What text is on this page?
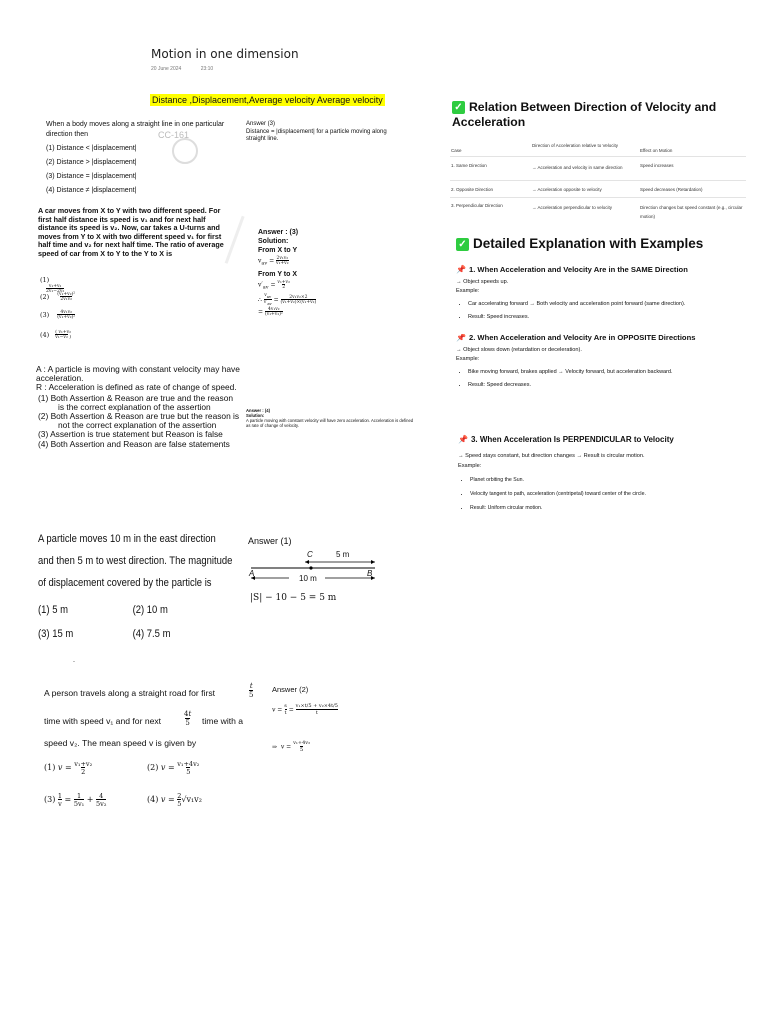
Motion in one dimension
20 June 2024	23:10
Distance ,Displacement,Average velocity Average velocity
When a body moves along a straight line in one particular direction then
(1) Distance < |displacement|
(2) Distance > |displacement|
(3) Distance = |displacement|
(4) Distance ≠ |displacement|
CC-161
Answer (3)
Distance = |displacement| for a particle moving along straight line.
A car moves from X to Y with two different speed. For first half distance its speed is v₁ and for next half distance its speed is v₂. Now, car takes a U-turns and moves from Y to X with two different speed v₁ for first half time and v₂ for next half time. The ratio of average speed of car from X to Y to the Y to X is
(1) v₁+v₂
2v₁−2v₂
(2) (v₁+v₂)²
2v₁v₂
(3) 4v₁v₂
(v₁+v₂)²
(4) ( v₁+v₂
v₁−v₂ )
Answer : (3)
Solution:
From X to Y
$v_{av} = 2v_1v_2$
v₁+v₂
From Y to X
$v'_{av} = v_1+v_2$
2
∴ $v_{av}$
$v'_{av} = 2v_1v_2\times 2$
(v₁+v₂)×(v₁+v₂)
= 4v₁v₂
(v₁+v₂)²
A : A particle is moving with constant velocity may have acceleration.
R : Acceleration is defined as rate of change of speed.
(1) Both Assertion & Reason are true and the reason is the correct explanation of the assertion
(2) Both Assertion & Reason are true but the reason is not the correct explanation of the assertion
(3) Assertion is true statement but Reason is false
(4) Both Assertion and Reason are false statements
Answer : (4)
Solution:
A particle moving with constant velocity will have zero acceleration. Acceleration is defined as rate of change of velocity.
A particle moves 10 m in the east direction and then 5 m to west direction. The magnitude of displacement covered by the particle is
(1) 5 m	(2) 10 m
(3) 15 m	(4) 7.5 m
ˇ
Answer (1)
C	5 m
A	B
10 m
|S| − 10 − 5 = 5 m
A person travels along a straight road for first
t
5
time with speed v₁ and for next
4t
5 time with a
speed v₂. The mean speed v is given by
(1) v = v₁+v₂
2	(2) v = v₁+4v₂
5
(3) 1
v = 1
5v₁ + 4
5v₂	(4) v = 2
5√v₁v₂
Answer (2)
v = s
t = v₁×t/5 + v₂×4t/5
t
⇒  v = v₁+4v₂
5
✓ Relation Between Direction of Velocity and Acceleration
Case
Direction of Acceleration relative to Velocity
Effect on Motion
1. Same Direction	→ Acceleration and velocity in same direction	Speed increases
2. Opposite Direction	→ Acceleration opposite to velocity	Speed decreases (Retardation)
3. Perpendicular Direction	→ Acceleration perpendicular to velocity	Direction changes but speed constant (e.g., circular motion)
✓ Detailed Explanation with Examples
📌 1. When Acceleration and Velocity Are in the SAME Direction
→ Object speeds up.
Example:
• Car accelerating forward → Both velocity and acceleration point forward (same direction).
• Result: Speed increases.
📌 2. When Acceleration and Velocity Are in OPPOSITE Directions
→ Object slows down (retardation or deceleration).
Example:
• Bike moving forward, brakes applied → Velocity forward, but acceleration backward.
• Result: Speed decreases.
📌 3. When Acceleration Is PERPENDICULAR to Velocity
→ Speed stays constant, but direction changes → Result is circular motion.
Example:
• Planet orbiting the Sun.
• Velocity tangent to path, acceleration (centripetal) toward center of the circle.
• Result: Uniform circular motion.
